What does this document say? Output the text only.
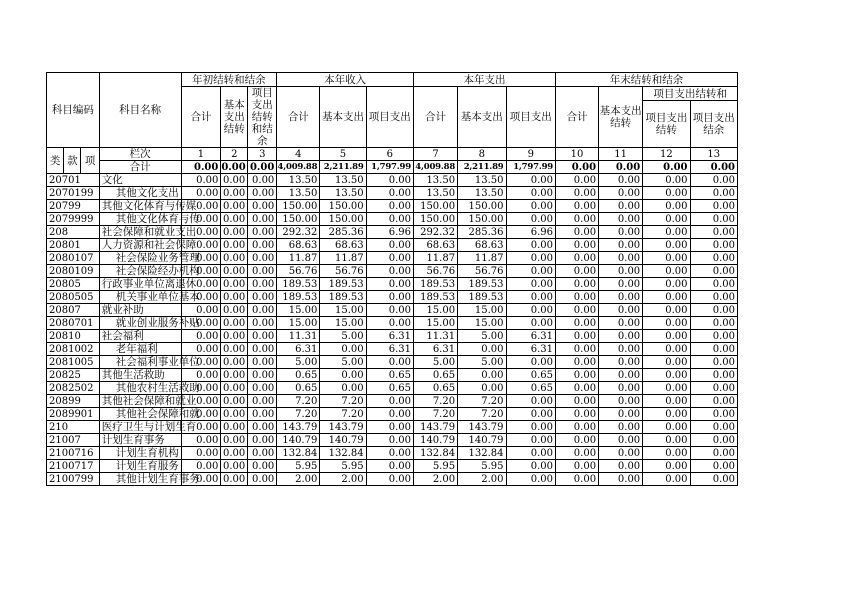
科目编码			科目名称	年初结转和结余			本年收入			本年支出			年末结转和结余			
				合计	基本支出结转	项目支出结转和结余	合计	基本支出	项目支出	合计	基本支出	项目支出	合计	基本支出结转	项目支出结转和	
															项目支出结转	项目支出结余
类	款	项	栏次	1	2	3	4	5	6	7	8	9	10	11	12	13
			合计	0.00	0.00	0.00	4,009.88	2,211.89	1,797.99	4,009.88	2,211.89	1,797.99	0.00	0.00	0.00	0.00
20701			文化	0.00	0.00	0.00	13.50	13.50	0.00	13.50	13.50	0.00	0.00	0.00	0.00	0.00
2070199			其他文化支出	0.00	0.00	0.00	13.50	13.50	0.00	13.50	13.50	0.00	0.00	0.00	0.00	0.00
20799			其他文化体育与传媒	0.00	0.00	0.00	150.00	150.00	0.00	150.00	150.00	0.00	0.00	0.00	0.00	0.00
2079999			其他文化体育与传	0.00	0.00	0.00	150.00	150.00	0.00	150.00	150.00	0.00	0.00	0.00	0.00	0.00
208			社会保障和就业支出	0.00	0.00	0.00	292.32	285.36	6.96	292.32	285.36	6.96	0.00	0.00	0.00	0.00
20801			人力资源和社会保障	0.00	0.00	0.00	68.63	68.63	0.00	68.63	68.63	0.00	0.00	0.00	0.00	0.00
2080107			社会保险业务管理	0.00	0.00	0.00	11.87	11.87	0.00	11.87	11.87	0.00	0.00	0.00	0.00	0.00
2080109			社会保险经办机构	0.00	0.00	0.00	56.76	56.76	0.00	56.76	56.76	0.00	0.00	0.00	0.00	0.00
20805			行政事业单位离退休	0.00	0.00	0.00	189.53	189.53	0.00	189.53	189.53	0.00	0.00	0.00	0.00	0.00
2080505			机关事业单位基本	0.00	0.00	0.00	189.53	189.53	0.00	189.53	189.53	0.00	0.00	0.00	0.00	0.00
20807			就业补助	0.00	0.00	0.00	15.00	15.00	0.00	15.00	15.00	0.00	0.00	0.00	0.00	0.00
2080701			就业创业服务补贴	0.00	0.00	0.00	15.00	15.00	0.00	15.00	15.00	0.00	0.00	0.00	0.00	0.00
20810			社会福利	0.00	0.00	0.00	11.31	5.00	6.31	11.31	5.00	6.31	0.00	0.00	0.00	0.00
2081002			老年福利	0.00	0.00	0.00	6.31	0.00	6.31	6.31	0.00	6.31	0.00	0.00	0.00	0.00
2081005			社会福利事业单位	0.00	0.00	0.00	5.00	5.00	0.00	5.00	5.00	0.00	0.00	0.00	0.00	0.00
20825			其他生活救助	0.00	0.00	0.00	0.65	0.00	0.65	0.65	0.00	0.65	0.00	0.00	0.00	0.00
2082502			其他农村生活救助	0.00	0.00	0.00	0.65	0.00	0.65	0.65	0.00	0.65	0.00	0.00	0.00	0.00
20899			其他社会保障和就业	0.00	0.00	0.00	7.20	7.20	0.00	7.20	7.20	0.00	0.00	0.00	0.00	0.00
2089901			其他社会保障和就	0.00	0.00	0.00	7.20	7.20	0.00	7.20	7.20	0.00	0.00	0.00	0.00	0.00
210			医疗卫生与计划生育	0.00	0.00	0.00	143.79	143.79	0.00	143.79	143.79	0.00	0.00	0.00	0.00	0.00
21007			计划生育事务	0.00	0.00	0.00	140.79	140.79	0.00	140.79	140.79	0.00	0.00	0.00	0.00	0.00
2100716			计划生育机构	0.00	0.00	0.00	132.84	132.84	0.00	132.84	132.84	0.00	0.00	0.00	0.00	0.00
2100717			计划生育服务	0.00	0.00	0.00	5.95	5.95	0.00	5.95	5.95	0.00	0.00	0.00	0.00	0.00
2100799			其他计划生育事务	0.00	0.00	0.00	2.00	2.00	0.00	2.00	2.00	0.00	0.00	0.00	0.00	0.00
